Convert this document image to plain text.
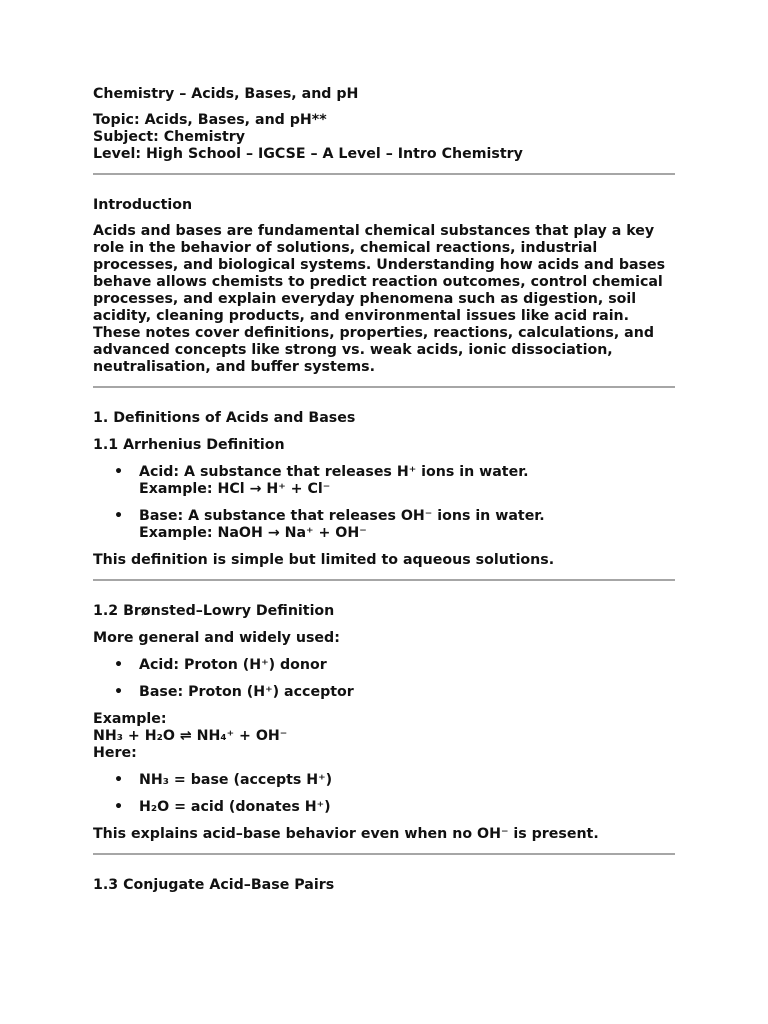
Chemistry – Acids, Bases, and pH

Topic: Acids, Bases, and pH**
Subject: Chemistry
Level: High School – IGCSE – A Level – Intro Chemistry

Introduction

Acids and bases are fundamental chemical substances that play a key role in the behavior of solutions, chemical reactions, industrial processes, and biological systems. Understanding how acids and bases behave allows chemists to predict reaction outcomes, control chemical processes, and explain everyday phenomena such as digestion, soil acidity, cleaning products, and environmental issues like acid rain. These notes cover definitions, properties, reactions, calculations, and advanced concepts like strong vs. weak acids, ionic dissociation, neutralisation, and buffer systems.

1. Definitions of Acids and Bases

1.1 Arrhenius Definition

• Acid: A substance that releases H⁺ ions in water.
Example: HCl → H⁺ + Cl⁻
• Base: A substance that releases OH⁻ ions in water.
Example: NaOH → Na⁺ + OH⁻

This definition is simple but limited to aqueous solutions.

1.2 Brønsted–Lowry Definition

More general and widely used:

• Acid: Proton (H⁺) donor
• Base: Proton (H⁺) acceptor
Example:
NH₃ + H₂O ⇌ NH₄⁺ + OH⁻
Here:
• NH₃ = base (accepts H⁺)
• H₂O = acid (donates H⁺)

This explains acid–base behavior even when no OH⁻ is present.

1.3 Conjugate Acid–Base Pairs
